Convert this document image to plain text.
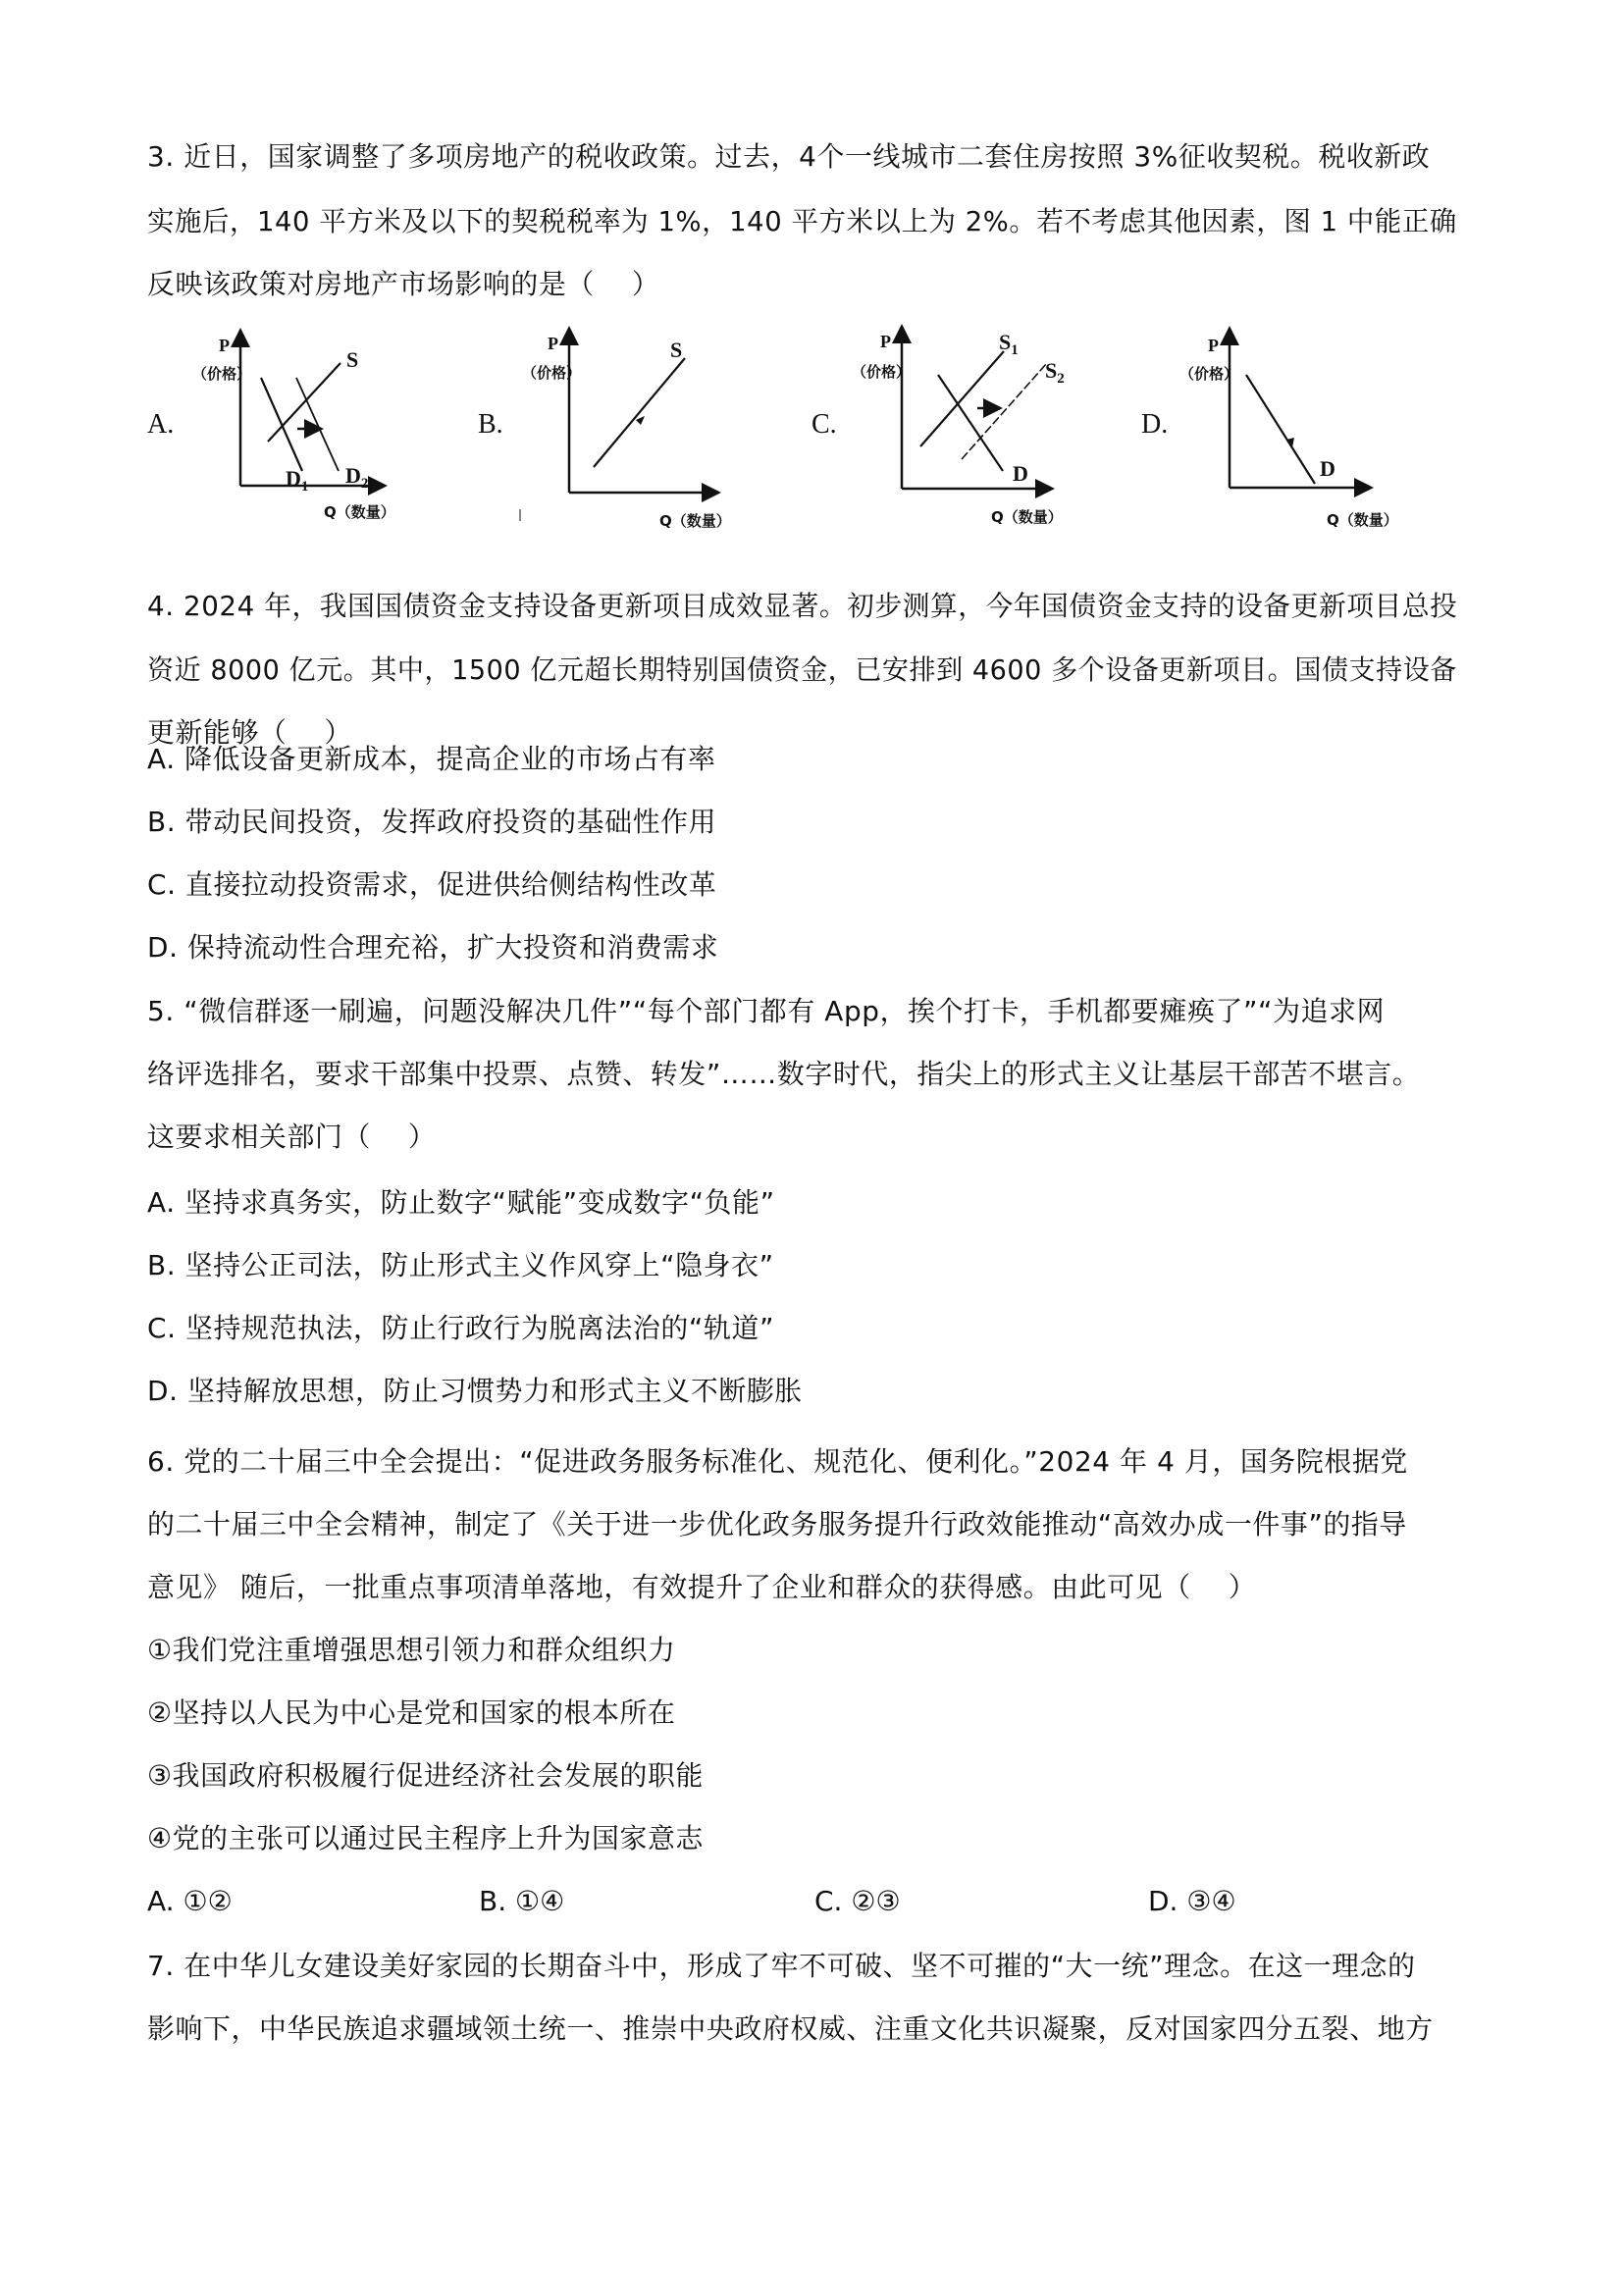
3. 近日，国家调整了多项房地产的税收政策。过去，4个一线城市二套住房按照 3%征收契税。税收新政
实施后，140 平方米及以下的契税税率为 1%，140 平方米以上为 2%。若不考虑其他因素，图 1 中能正确
反映该政策对房地产市场影响的是（　 ）
A.
P
（价格）
Q（数量）
S
$D_1$ $D_2$
B.
P
（价格）
Q（数量）
S
C.
P
（价格）
Q（数量）
$S_1$
$S_2$
D
D.
P
（价格）
Q（数量）
D
4. 2024 年，我国国债资金支持设备更新项目成效显著。初步测算，今年国债资金支持的设备更新项目总投
资近 8000 亿元。其中，1500 亿元超长期特别国债资金，已安排到 4600 多个设备更新项目。国债支持设备
更新能够（　 ）
A. 降低设备更新成本，提高企业的市场占有率
B. 带动民间投资，发挥政府投资的基础性作用
C. 直接拉动投资需求，促进供给侧结构性改革
D. 保持流动性合理充裕，扩大投资和消费需求
5. “微信群逐一刷遍，问题没解决几件”“每个部门都有 App，挨个打卡，手机都要瘫痪了”“为追求网
络评选排名，要求干部集中投票、点赞、转发”……数字时代，指尖上的形式主义让基层干部苦不堪言。
这要求相关部门（　 ）
A. 坚持求真务实，防止数字“赋能”变成数字“负能”
B. 坚持公正司法，防止形式主义作风穿上“隐身衣”
C. 坚持规范执法，防止行政行为脱离法治的“轨道”
D. 坚持解放思想，防止习惯势力和形式主义不断膨胀
6. 党的二十届三中全会提出：“促进政务服务标准化、规范化、便利化。”2024 年 4 月，国务院根据党
的二十届三中全会精神，制定了《关于进一步优化政务服务提升行政效能推动“高效办成一件事”的指导
意见》 随后，一批重点事项清单落地，有效提升了企业和群众的获得感。由此可见（　 ）
①我们党注重增强思想引领力和群众组织力
②坚持以人民为中心是党和国家的根本所在
③我国政府积极履行促进经济社会发展的职能
④党的主张可以通过民主程序上升为国家意志
A. ①②	B. ①④	C. ②③	D. ③④
7. 在中华儿女建设美好家园的长期奋斗中，形成了牢不可破、坚不可摧的“大一统”理念。在这一理念的
影响下，中华民族追求疆域领土统一、推崇中央政府权威、注重文化共识凝聚，反对国家四分五裂、地方
